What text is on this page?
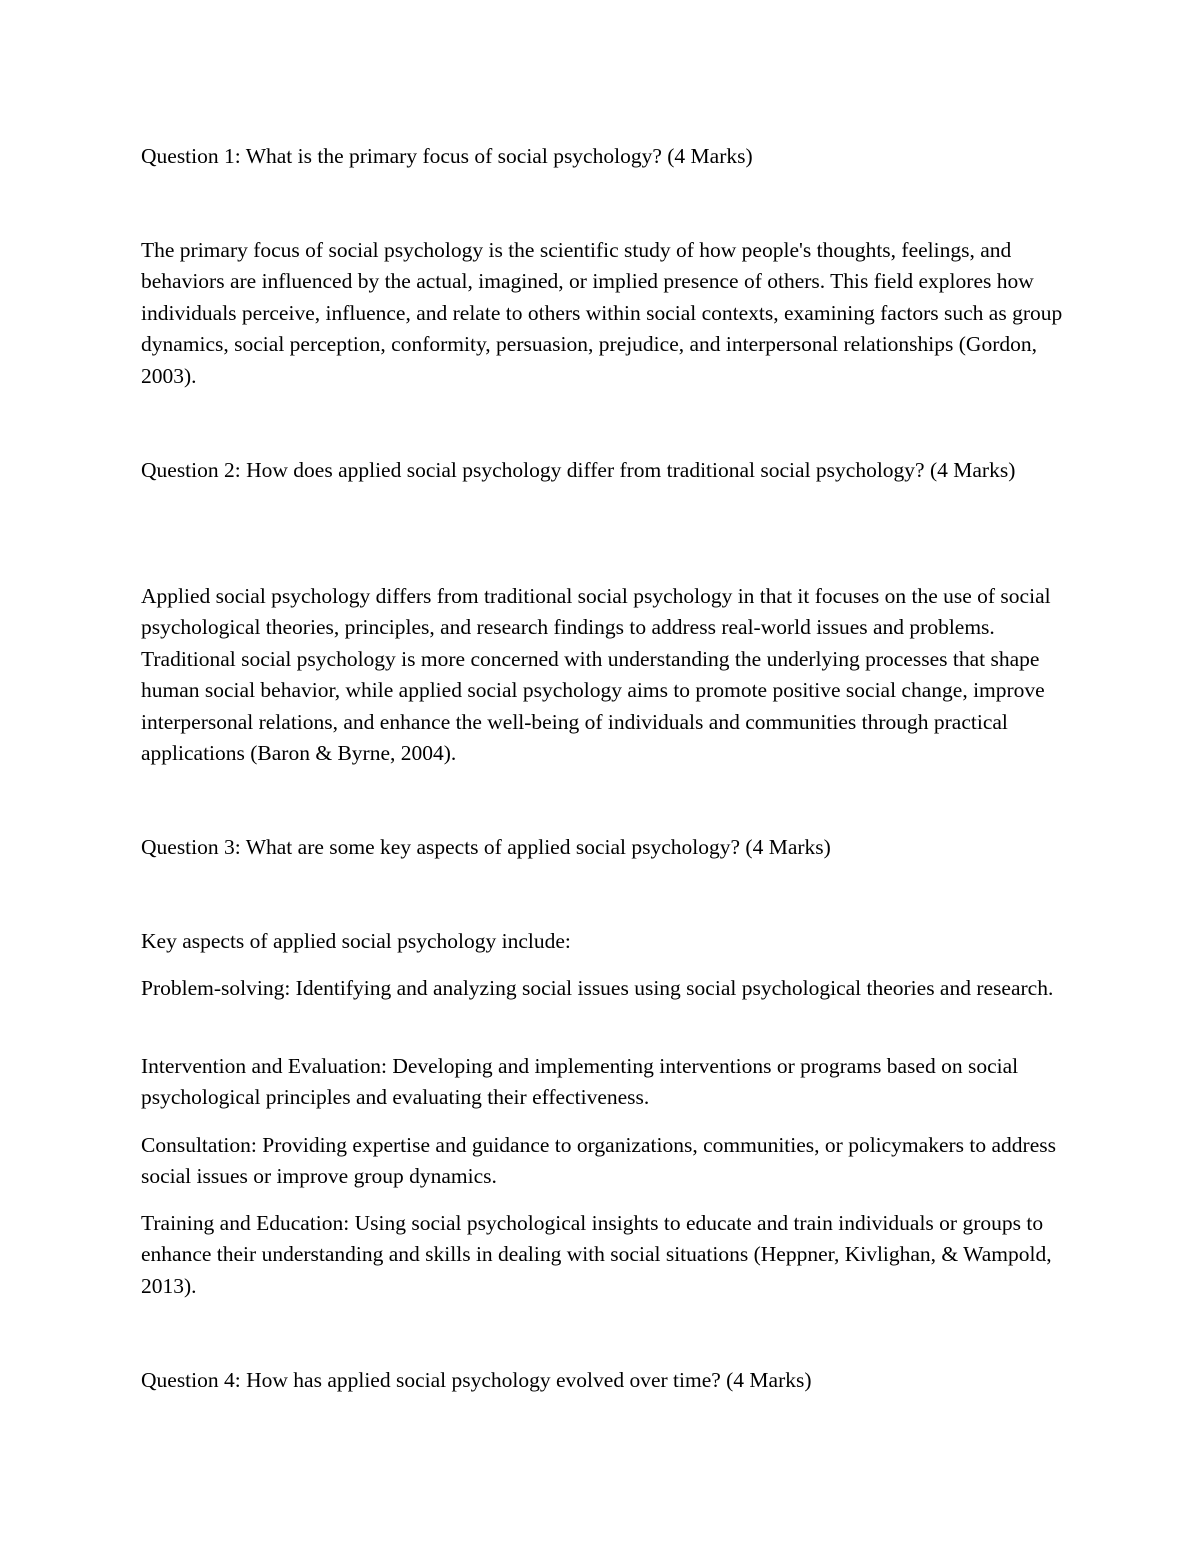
Question 1: What is the primary focus of social psychology? (4 Marks)

The primary focus of social psychology is the scientific study of how people's thoughts, feelings, and behaviors are influenced by the actual, imagined, or implied presence of others. This field explores how individuals perceive, influence, and relate to others within social contexts, examining factors such as group dynamics, social perception, conformity, persuasion, prejudice, and interpersonal relationships (Gordon, 2003).

Question 2: How does applied social psychology differ from traditional social psychology? (4 Marks)

Applied social psychology differs from traditional social psychology in that it focuses on the use of social psychological theories, principles, and research findings to address real-world issues and problems. Traditional social psychology is more concerned with understanding the underlying processes that shape human social behavior, while applied social psychology aims to promote positive social change, improve interpersonal relations, and enhance the well-being of individuals and communities through practical applications (Baron & Byrne, 2004).

Question 3: What are some key aspects of applied social psychology? (4 Marks)

Key aspects of applied social psychology include:

Problem-solving: Identifying and analyzing social issues using social psychological theories and research.

Intervention and Evaluation: Developing and implementing interventions or programs based on social psychological principles and evaluating their effectiveness.

Consultation: Providing expertise and guidance to organizations, communities, or policymakers to address social issues or improve group dynamics.

Training and Education: Using social psychological insights to educate and train individuals or groups to enhance their understanding and skills in dealing with social situations (Heppner, Kivlighan, & Wampold, 2013).

Question 4: How has applied social psychology evolved over time? (4 Marks)
